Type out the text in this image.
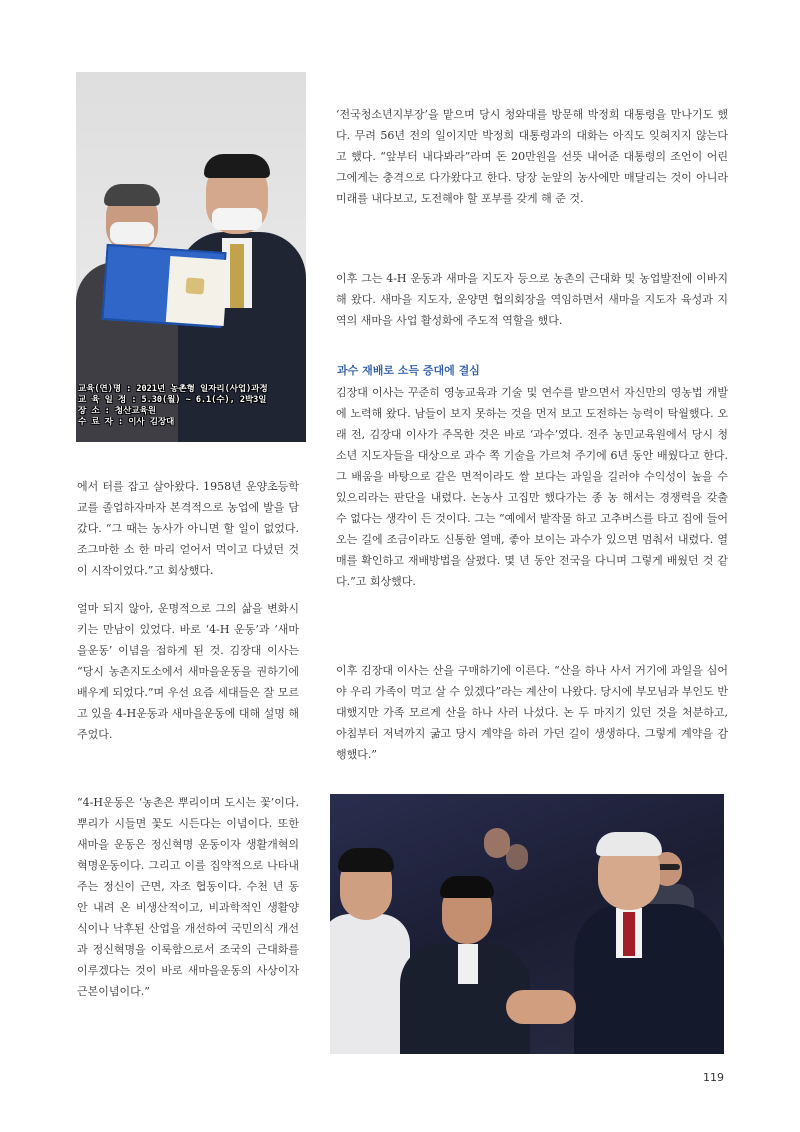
교육(연)명 : 2021년 농촌형 일자리(사업)과정
교 육 일 정 : 5.30(월) ~ 6.1(수), 2박3일
장 소 : 청산교육원
수 료 자 : 이사 김장대

에서 터를 잡고 살아왔다. 1958년 운양초등학교를 졸업하자마자 본격적으로 농업에 발을 담갔다. “그 때는 농사가 아니면 할 일이 없었다. 조그마한 소 한 마리 얻어서 먹이고 다녔던 것이 시작이었다.”고 회상했다.

얼마 되지 않아, 운명적으로 그의 삶을 변화시키는 만남이 있었다. 바로 ‘4-H 운동’과 ‘새마을운동’ 이념을 접하게 된 것. 김장대 이사는 “당시 농촌지도소에서 새마을운동을 권하기에 배우게 되었다.”며 우선 요즘 세대들은 잘 모르고 있을 4-H운동과 새마을운동에 대해 설명 해 주었다.

“4-H운동은 ‘농촌은 뿌리이며 도시는 꽃’이다. 뿌리가 시들면 꽃도 시든다는 이념이다. 또한 새마을 운동은 정신혁명 운동이자 생활개혁의 혁명운동이다. 그리고 이를 집약적으로 나타내주는 정신이 근면, 자조 협동이다. 수천 년 동안 내려 온 비생산적이고, 비과학적인 생활양식이나 낙후된 산업을 개선하여 국민의식 개선과 정신혁명을 이룩함으로서 조국의 근대화를 이루겠다는 것이 바로 새마을운동의 사상이자 근본이념이다.”

‘전국청소년지부장’을 맡으며 당시 청와대를 방문해 박정희 대통령을 만나기도 했다. 무려 56년 전의 일이지만 박정희 대통령과의 대화는 아직도 잊혀지지 않는다고 했다. “앞부터 내다봐라”라며 돈 20만원을 선뜻 내어준 대통령의 조언이 어린 그에게는 충격으로 다가왔다고 한다. 당장 눈앞의 농사에만 매달리는 것이 아니라 미래를 내다보고, 도전해야 할 포부를 갖게 해 준 것.

이후 그는 4-H 운동과 새마을 지도자 등으로 농촌의 근대화 및 농업발전에 이바지해 왔다. 새마을 지도자, 운양면 협의회장을 역임하면서 새마을 지도자 육성과 지역의 새마을 사업 활성화에 주도적 역할을 했다.

과수 재배로 소득 증대에 결심

김장대 이사는 꾸준히 영농교육과 기술 및 연수를 받으면서 자신만의 영농법 개발에 노력해 왔다. 남들이 보지 못하는 것을 먼저 보고 도전하는 능력이 탁월했다. 오래 전, 김장대 이사가 주목한 것은 바로 ‘과수’였다. 전주 농민교육원에서 당시 청소년 지도자들을 대상으로 과수 쪽 기술을 가르쳐 주기에 6년 동안 배웠다고 한다. 그 배움을 바탕으로 같은 면적이라도 쌀 보다는 과일을 길러야 수익성이 높을 수 있으리라는 판단을 내렸다. 논농사 고집만 했다가는 종 농 해서는 경쟁력을 갖출 수 없다는 생각이 든 것이다. 그는 “예에서 밭작물 하고 고추버스를 타고 집에 들어오는 길에 조금이라도 신통한 열매, 좋아 보이는 과수가 있으면 멈춰서 내렸다. 열매를 확인하고 재배방법을 살폈다. 몇 년 동안 전국을 다니며 그렇게 배웠던 것 같다.”고 회상했다.

이후 김장대 이사는 산을 구매하기에 이른다. “산을 하나 사서 거기에 과일을 심어야 우리 가족이 먹고 살 수 있겠다”라는 계산이 나왔다. 당시에 부모님과 부인도 반대했지만 가족 모르게 산을 하나 사러 나섰다. 논 두 마지기 있던 것을 처분하고, 아침부터 저녁까지 굶고 당시 계약을 하러 가던 길이 생생하다. 그렇게 계약을 감행했다.”

119
